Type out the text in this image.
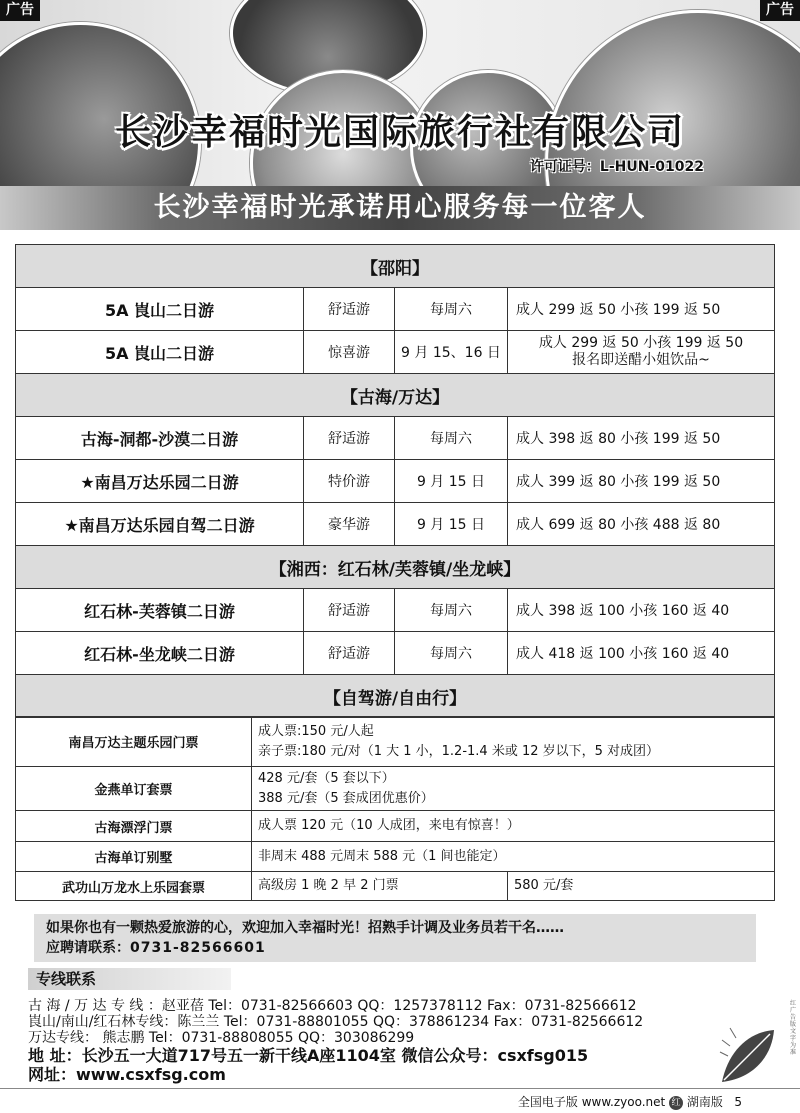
长沙幸福时光国际旅行社有限公司
许可证号：L-HUN-01022
广告	广告
长沙幸福时光承诺用心服务每一位客人
【邵阳】			
5A 崀山二日游	舒适游	每周六	成人 299 返 50 小孩 199 返 50
5A 崀山二日游	惊喜游	9 月 15、16 日	成人 299 返 50 小孩 199 返 50
报名即送醋小姐饮品~

【古海/万达】			
古海-洞都-沙漠二日游	舒适游	每周六	成人 398 返 80 小孩 199 返 50
★南昌万达乐园二日游	特价游	9 月 15 日	成人 399 返 80 小孩 199 返 50
★南昌万达乐园自驾二日游	豪华游	9 月 15 日	成人 699 返 80 小孩 488 返 80
【湘西：红石林/芙蓉镇/坐龙峡】			
红石林-芙蓉镇二日游	舒适游	每周六	成人 398 返 100 小孩 160 返 40
红石林-坐龙峡二日游	舒适游	每周六	成人 418 返 100 小孩 160 返 40
【自驾游/自由行】			
南昌万达主题乐园门票	成人票:150 元/人起
亲子票:180 元/对（1 大 1 小，1.2-1.4 米或 12 岁以下，5 对成团）	

金燕单订套票	428 元/套（5 套以下）
388 元/套（5 套成团优惠价）	

古海漂浮门票	成人票 120 元（10 人成团，来电有惊喜！）	
古海单订别墅	非周末 488 元周末 588 元（1 间也能定）	
武功山万龙水上乐园套票	高级房 1 晚 2 早 2 门票	580 元/套
如果你也有一颗热爱旅游的心，欢迎加入幸福时光！招熟手计调及业务员若干名……
应聘请联系：0731-82566601
专线联系
古 海 / 万 达 专 线 ：赵亚蓓 Tel：0731-82566603 QQ：1257378112 Fax：0731-82566612
崀山/南山/红石林专线：陈兰兰 Tel：0731-88801055 QQ：378861234 Fax：0731-82566612
万达专线： 熊志鹏 Tel：0731-88808055 QQ：303086299
地 址：长沙五一大道717号五一新干线A座1104室 微信公众号：csxfsg015
网址：www.csxfsg.com
红广告版文字为准
全国电子版 www.zyoo.net 红 湖南版 5
